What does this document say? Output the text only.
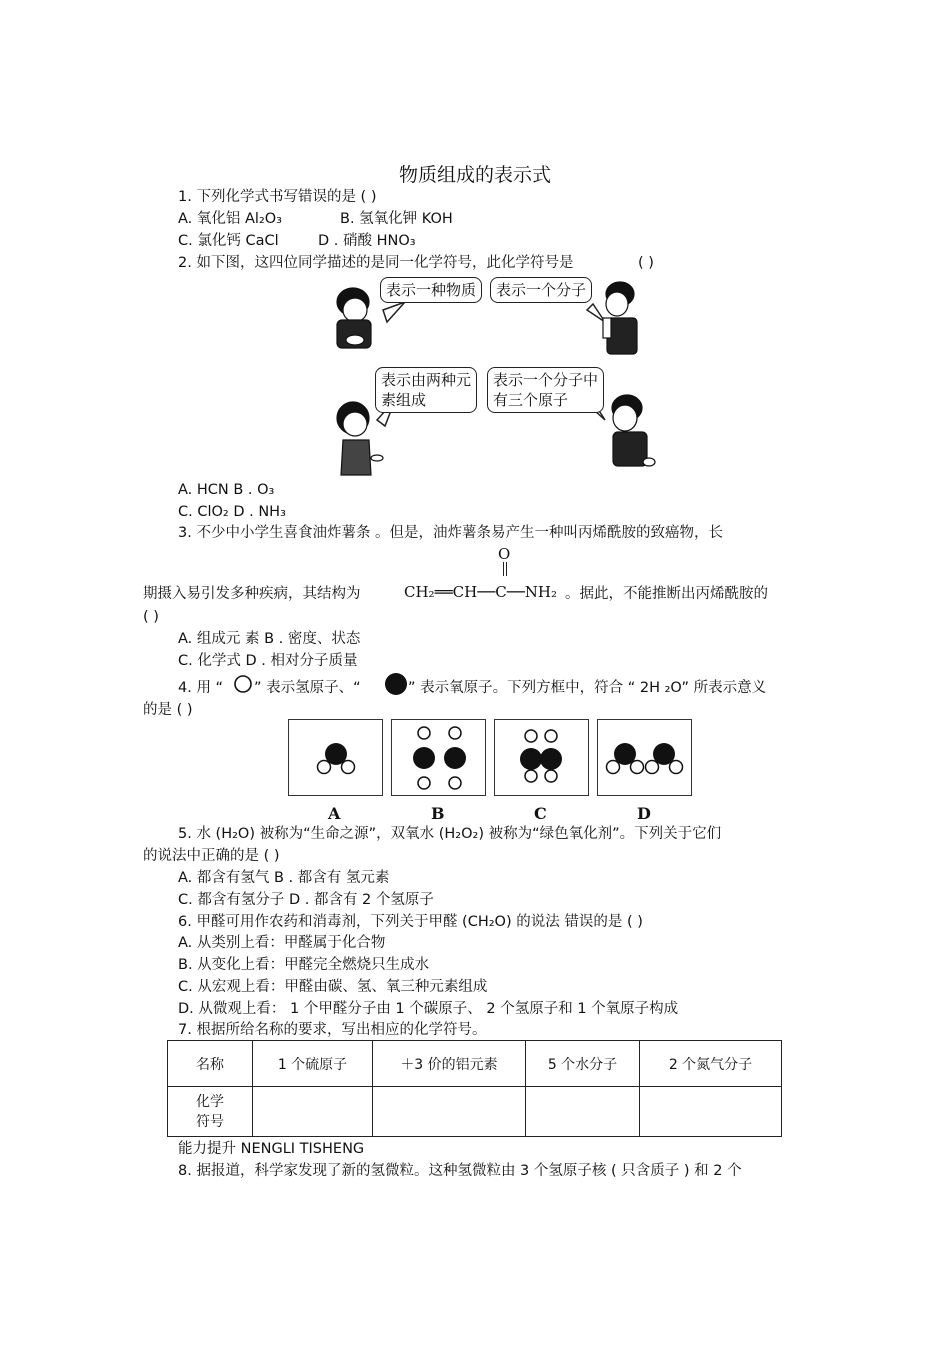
物质组成的表示式
1. 下列化学式书写错误的是 ( )
A. 氧化铝 Al₂O₃	B. 氢氧化钾 KOH
C. 氯化钙 CaCl	D . 硝酸 HNO₃
2. 如下图，这四位同学描述的是同一化学符号，此化学符号是	( )
表示一种物质	表示一个分子
表示由两种元
素组成
表示一个分子中
有三个原子
A. HCN B . O₃
C. ClO₂ D . NH₃
3. 不少中小学生喜食油炸薯条 。但是，油炸薯条易产生一种叫丙烯酰胺的致癌物，长
O
期摄入易引发多种疾病，其结构为	CH₂══CH──C──NH₂ 。据此，不能推断出丙烯酰胺的
( )
A. 组成元 素 B . 密度、状态
C. 化学式 D . 相对分子质量
4. 用 “ ” 表示氢原子、“	” 表示氧原子。下列方框中，符合 “ 2H ₂O” 所表示意义
的是 ( )
A	B	C	D
5. 水 (H₂O) 被称为“生命之源”，双氧水 (H₂O₂) 被称为“绿色氧化剂”。下列关于它们
的说法中正确的是 ( )
A. 都含有氢气 B . 都含有 氢元素
C. 都含有氢分子 D . 都含有 2 个氢原子
6. 甲醛可用作农药和消毒剂，下列关于甲醛 (CH₂O) 的说法 错误的是 ( )
A. 从类别上看：甲醛属于化合物
B. 从变化上看：甲醛完全燃烧只生成水
C. 从宏观上看：甲醛由碳、氢、氧三种元素组成
D. 从微观上看： 1 个甲醛分子由 1 个碳原子、 2 个氢原子和 1 个氧原子构成
7. 根据所给名称的要求，写出相应的化学符号。
名称	1 个硫原子	＋3 价的铝元素	5 个水分子	2 个氮气分子

化学
符号				

能力提升 NENGLI TISHENG
8. 据报道，科学家发现了新的氢微粒。这种氢微粒由 3 个氢原子核 ( 只含质子 ) 和 2 个
